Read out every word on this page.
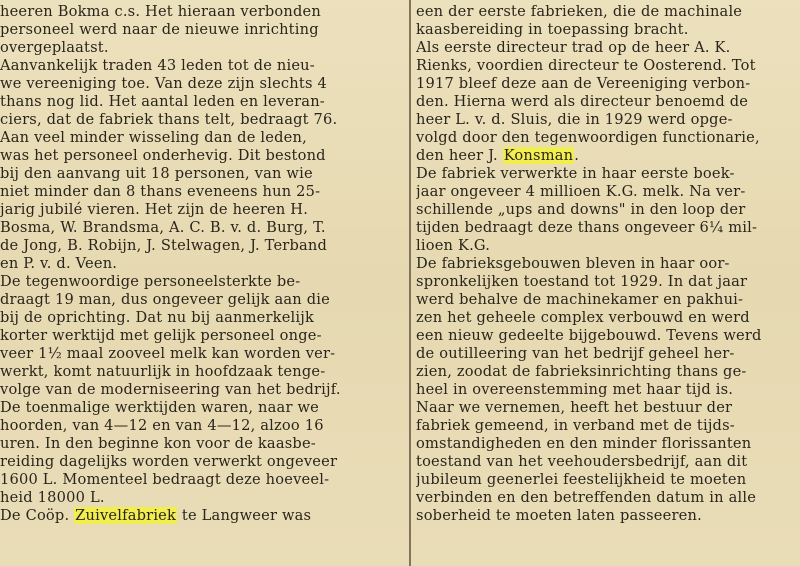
heeren Bokma c.s. Het hieraan verbonden
personeel werd naar de nieuwe inrichting
overgeplaatst.
Aanvankelijk traden 43 leden tot de nieu-
we vereeniging toe. Van deze zijn slechts 4
thans nog lid. Het aantal leden en leveran-
ciers, dat de fabriek thans telt, bedraagt 76.
Aan veel minder wisseling dan de leden,
was het personeel onderhevig. Dit bestond
bij den aanvang uit 18 personen, van wie
niet minder dan 8 thans eveneens hun 25-
jarig jubilé vieren. Het zijn de heeren H.
Bosma, W. Brandsma, A. C. B. v. d. Burg, T.
de Jong, B. Robijn, J. Stelwagen, J. Terband
en P. v. d. Veen.
De tegenwoordige personeelsterkte be-
draagt 19 man, dus ongeveer gelijk aan die
bij de oprichting. Dat nu bij aanmerkelijk
korter werktijd met gelijk personeel onge-
veer 1½ maal zooveel melk kan worden ver-
werkt, komt natuurlijk in hoofdzaak tenge-
volge van de moderniseering van het bedrijf.
De toenmalige werktijden waren, naar we
hoorden, van 4—12 en van 4—12, alzoo 16
uren. In den beginne kon voor de kaasbe-
reiding dagelijks worden verwerkt ongeveer
1600 L. Momenteel bedraagt deze hoeveel-
heid 18000 L.
De Coöp. Zuivelfabriek te Langweer was
een der eerste fabrieken, die de machinale
kaasbereiding in toepassing bracht.
Als eerste directeur trad op de heer A. K.
Rienks, voordien directeur te Oosterend. Tot
1917 bleef deze aan de Vereeniging verbon-
den. Hierna werd als directeur benoemd de
heer L. v. d. Sluis, die in 1929 werd opge-
volgd door den tegenwoordigen functionarie,
den heer J. Konsman.
De fabriek verwerkte in haar eerste boek-
jaar ongeveer 4 millioen K.G. melk. Na ver-
schillende „ups and downs" in den loop der
tijden bedraagt deze thans ongeveer 6¼ mil-
lioen K.G.
De fabrieksgebouwen bleven in haar oor-
spronkelijken toestand tot 1929. In dat jaar
werd behalve de machinekamer en pakhui-
zen het geheele complex verbouwd en werd
een nieuw gedeelte bijgebouwd. Tevens werd
de outilleering van het bedrijf geheel her-
zien, zoodat de fabrieksinrichting thans ge-
heel in overeenstemming met haar tijd is.
Naar we vernemen, heeft het bestuur der
fabriek gemeend, in verband met de tijds-
omstandigheden en den minder florissanten
toestand van het veehoudersbedrijf, aan dit
jubileum geenerlei feestelijkheid te moeten
verbinden en den betreffenden datum in alle
soberheid te moeten laten passeeren.
